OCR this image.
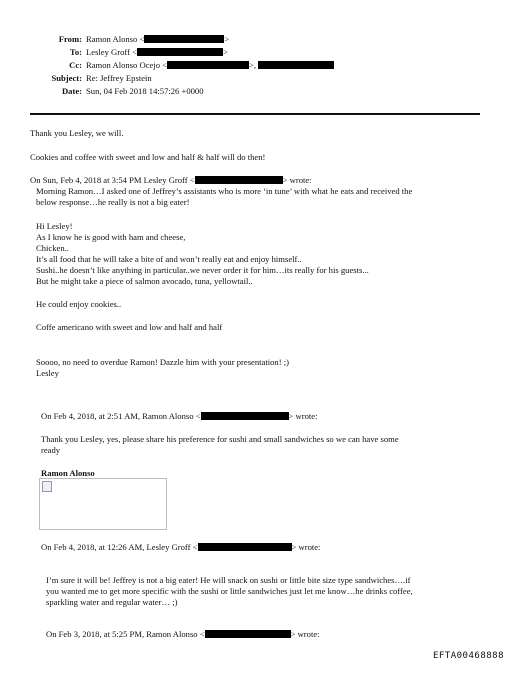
From: Ramon Alonso <	>
To: Lesley Groff <	>
Cc: Ramon Alonso Ocejo <	>,
Subject: Re: Jeffrey Epstein
Date: Sun, 04 Feb 2018 14:57:26 +0000
Thank you Lesley, we will.
Cookies and coffee with sweet and low and half & half will do then!
On Sun, Feb 4, 2018 at 3:54 PM Lesley Groff <	> wrote:
Morning Ramon…I asked one of Jeffrey’s assistants who is more ‘in tune’ with what he eats and received the
below response…he really is not a big eater!
Hi Lesley!
As I know he is good with ham and cheese,
Chicken..
It’s all food that he will take a bite of and won’t really eat and enjoy himself..
Sushi..he doesn’t like anything in particular..we never order it for him…its really for his guests...
But he might take a piece of salmon avocado, tuna, yellowtail..
He could enjoy cookies..
Coffe americano with sweet and low and half and half
Soooo, no need to overdue Ramon! Dazzle him with your presentation! ;)
Lesley
On Feb 4, 2018, at 2:51 AM, Ramon Alonso <	> wrote:
Thank you Lesley, yes, please share his preference for sushi and small sandwiches so we can have some
ready
Ramon Alonso
On Feb 4, 2018, at 12:26 AM, Lesley Groff <	> wrote:
I’m sure it will be! Jeffrey is not a big eater! He will snack on sushi or little bite size type sandwiches….if
you wanted me to get more specific with the sushi or little sandwiches just let me know…he drinks coffee,
sparkling water and regular water… ;)
On Feb 3, 2018, at 5:25 PM, Ramon Alonso <	> wrote:
EFTA00468888
